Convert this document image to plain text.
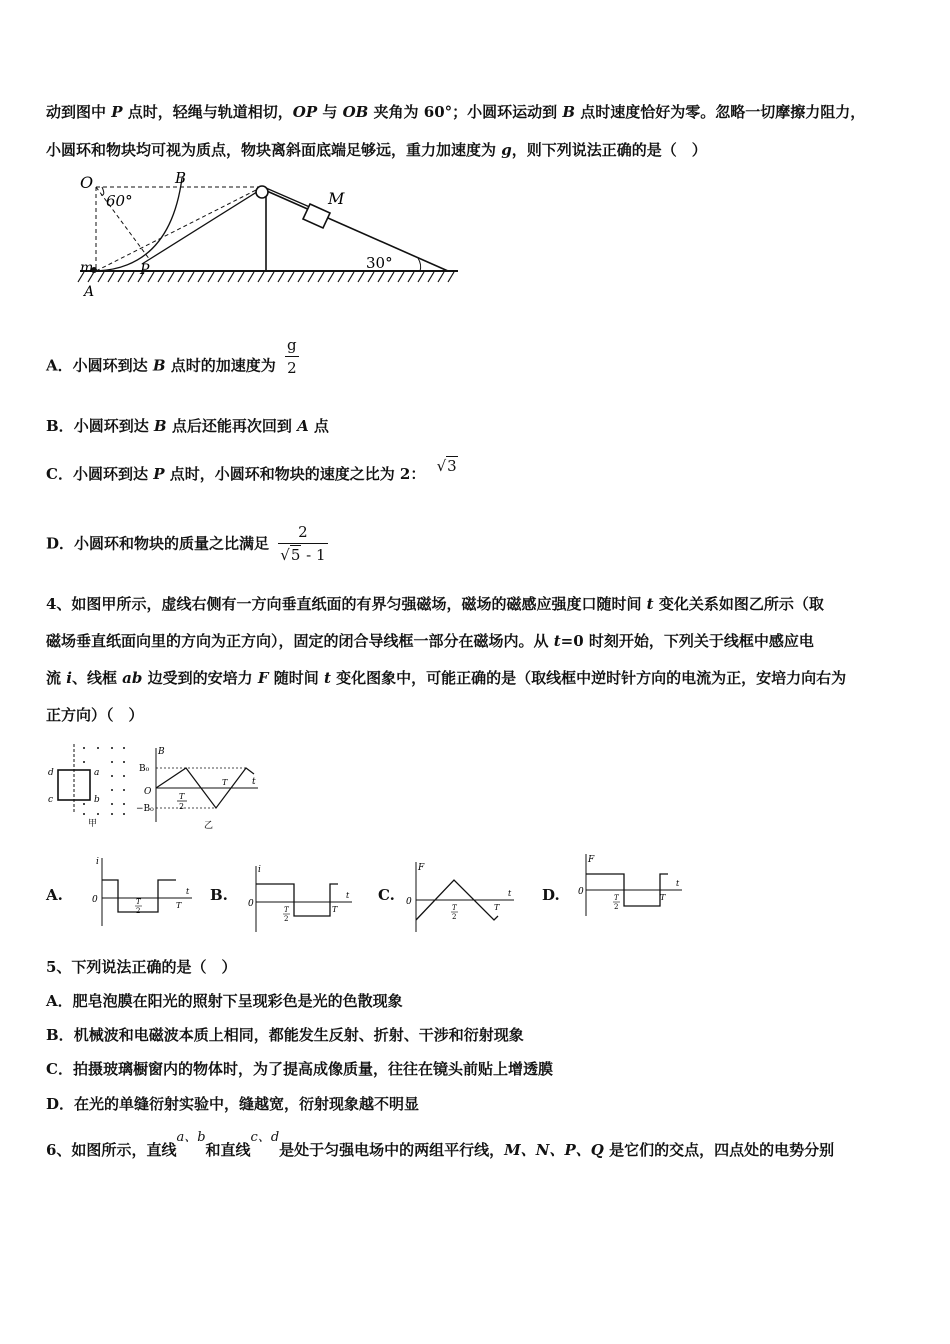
动到图中 P 点时，轻绳与轨道相切，OP 与 OB 夹角为 60°；小圆环运动到 B 点时速度恰好为零。忽略一切摩擦力阻力，
小圆环和物块均可视为质点，物块离斜面底端足够远，重力加速度为 g，则下列说法正确的是（　）
O	B
M
P
m
A
60°
30°
A．小圆环到达 B 点时的加速度为 $\frac{g}{2}$
B．小圆环到达 B 点后还能再次回到 A 点
C．小圆环到达 P 点时，小圆环和物块的速度之比为 2： √3
D．小圆环和物块的质量之比满足 $\frac{2}{√5 - 1}$
4、如图甲所示，虚线右侧有一方向垂直纸面的有界匀强磁场，磁场的磁感应强度口随时间 t 变化关系如图乙所示（取
磁场垂直纸面向里的方向为正方向），固定的闭合导线框一部分在磁场内。从 t=0 时刻开始，下列关于线框中感应电
流 i、线框 ab 边受到的安培力 F 随时间 t 变化图象中，可能正确的是（取线框中逆时针方向的电流为正，安培力向右为
正方向）（　）
d	a
c	b
甲
B
t
B₀
−B₀
O	T
2
T
乙
A.
i
0
t
T
T
2
B.
i
0
t
T
T
2
C.
F
0
t
T
T
2
D.
F
0
t
T
T
2
5、下列说法正确的是（　）
A．肥皂泡膜在阳光的照射下呈现彩色是光的色散现象
B．机械波和电磁波本质上相同，都能发生反射、折射、干涉和衍射现象
C．拍摄玻璃橱窗内的物体时，为了提高成像质量，往往在镜头前贴上增透膜
D．在光的单缝衍射实验中，缝越宽，衍射现象越不明显
6、如图所示，直线a、b和直线c、d是处于匀强电场中的两组平行线，M、N、P、Q 是它们的交点，四点处的电势分别
